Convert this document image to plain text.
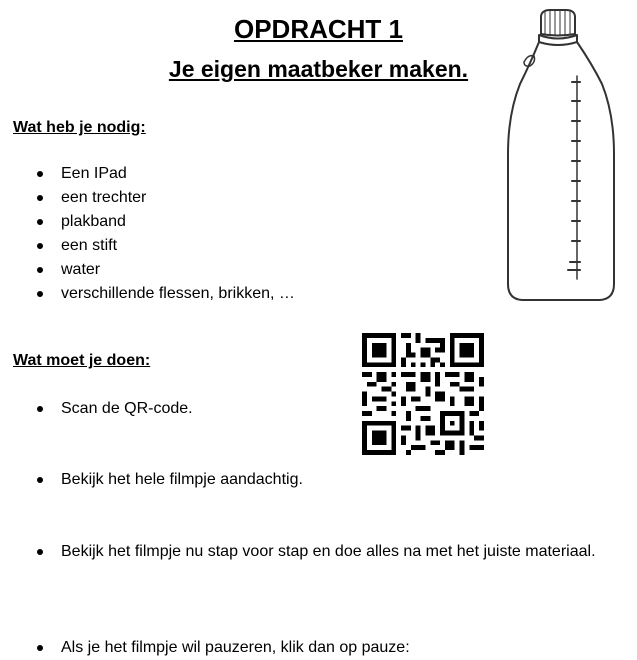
OPDRACHT 1
Je eigen maatbeker maken.
Wat heb je nodig:
Een IPad
een trechter
plakband
een stift
water
verschillende flessen, brikken, …
Wat moet je doen:
Scan de QR-code.
Bekijk het hele filmpje aandachtig.
Bekijk het filmpje nu stap voor stap en doe alles na met het juiste materiaal.
Als je het filmpje wil pauzeren, klik dan op pauze:
